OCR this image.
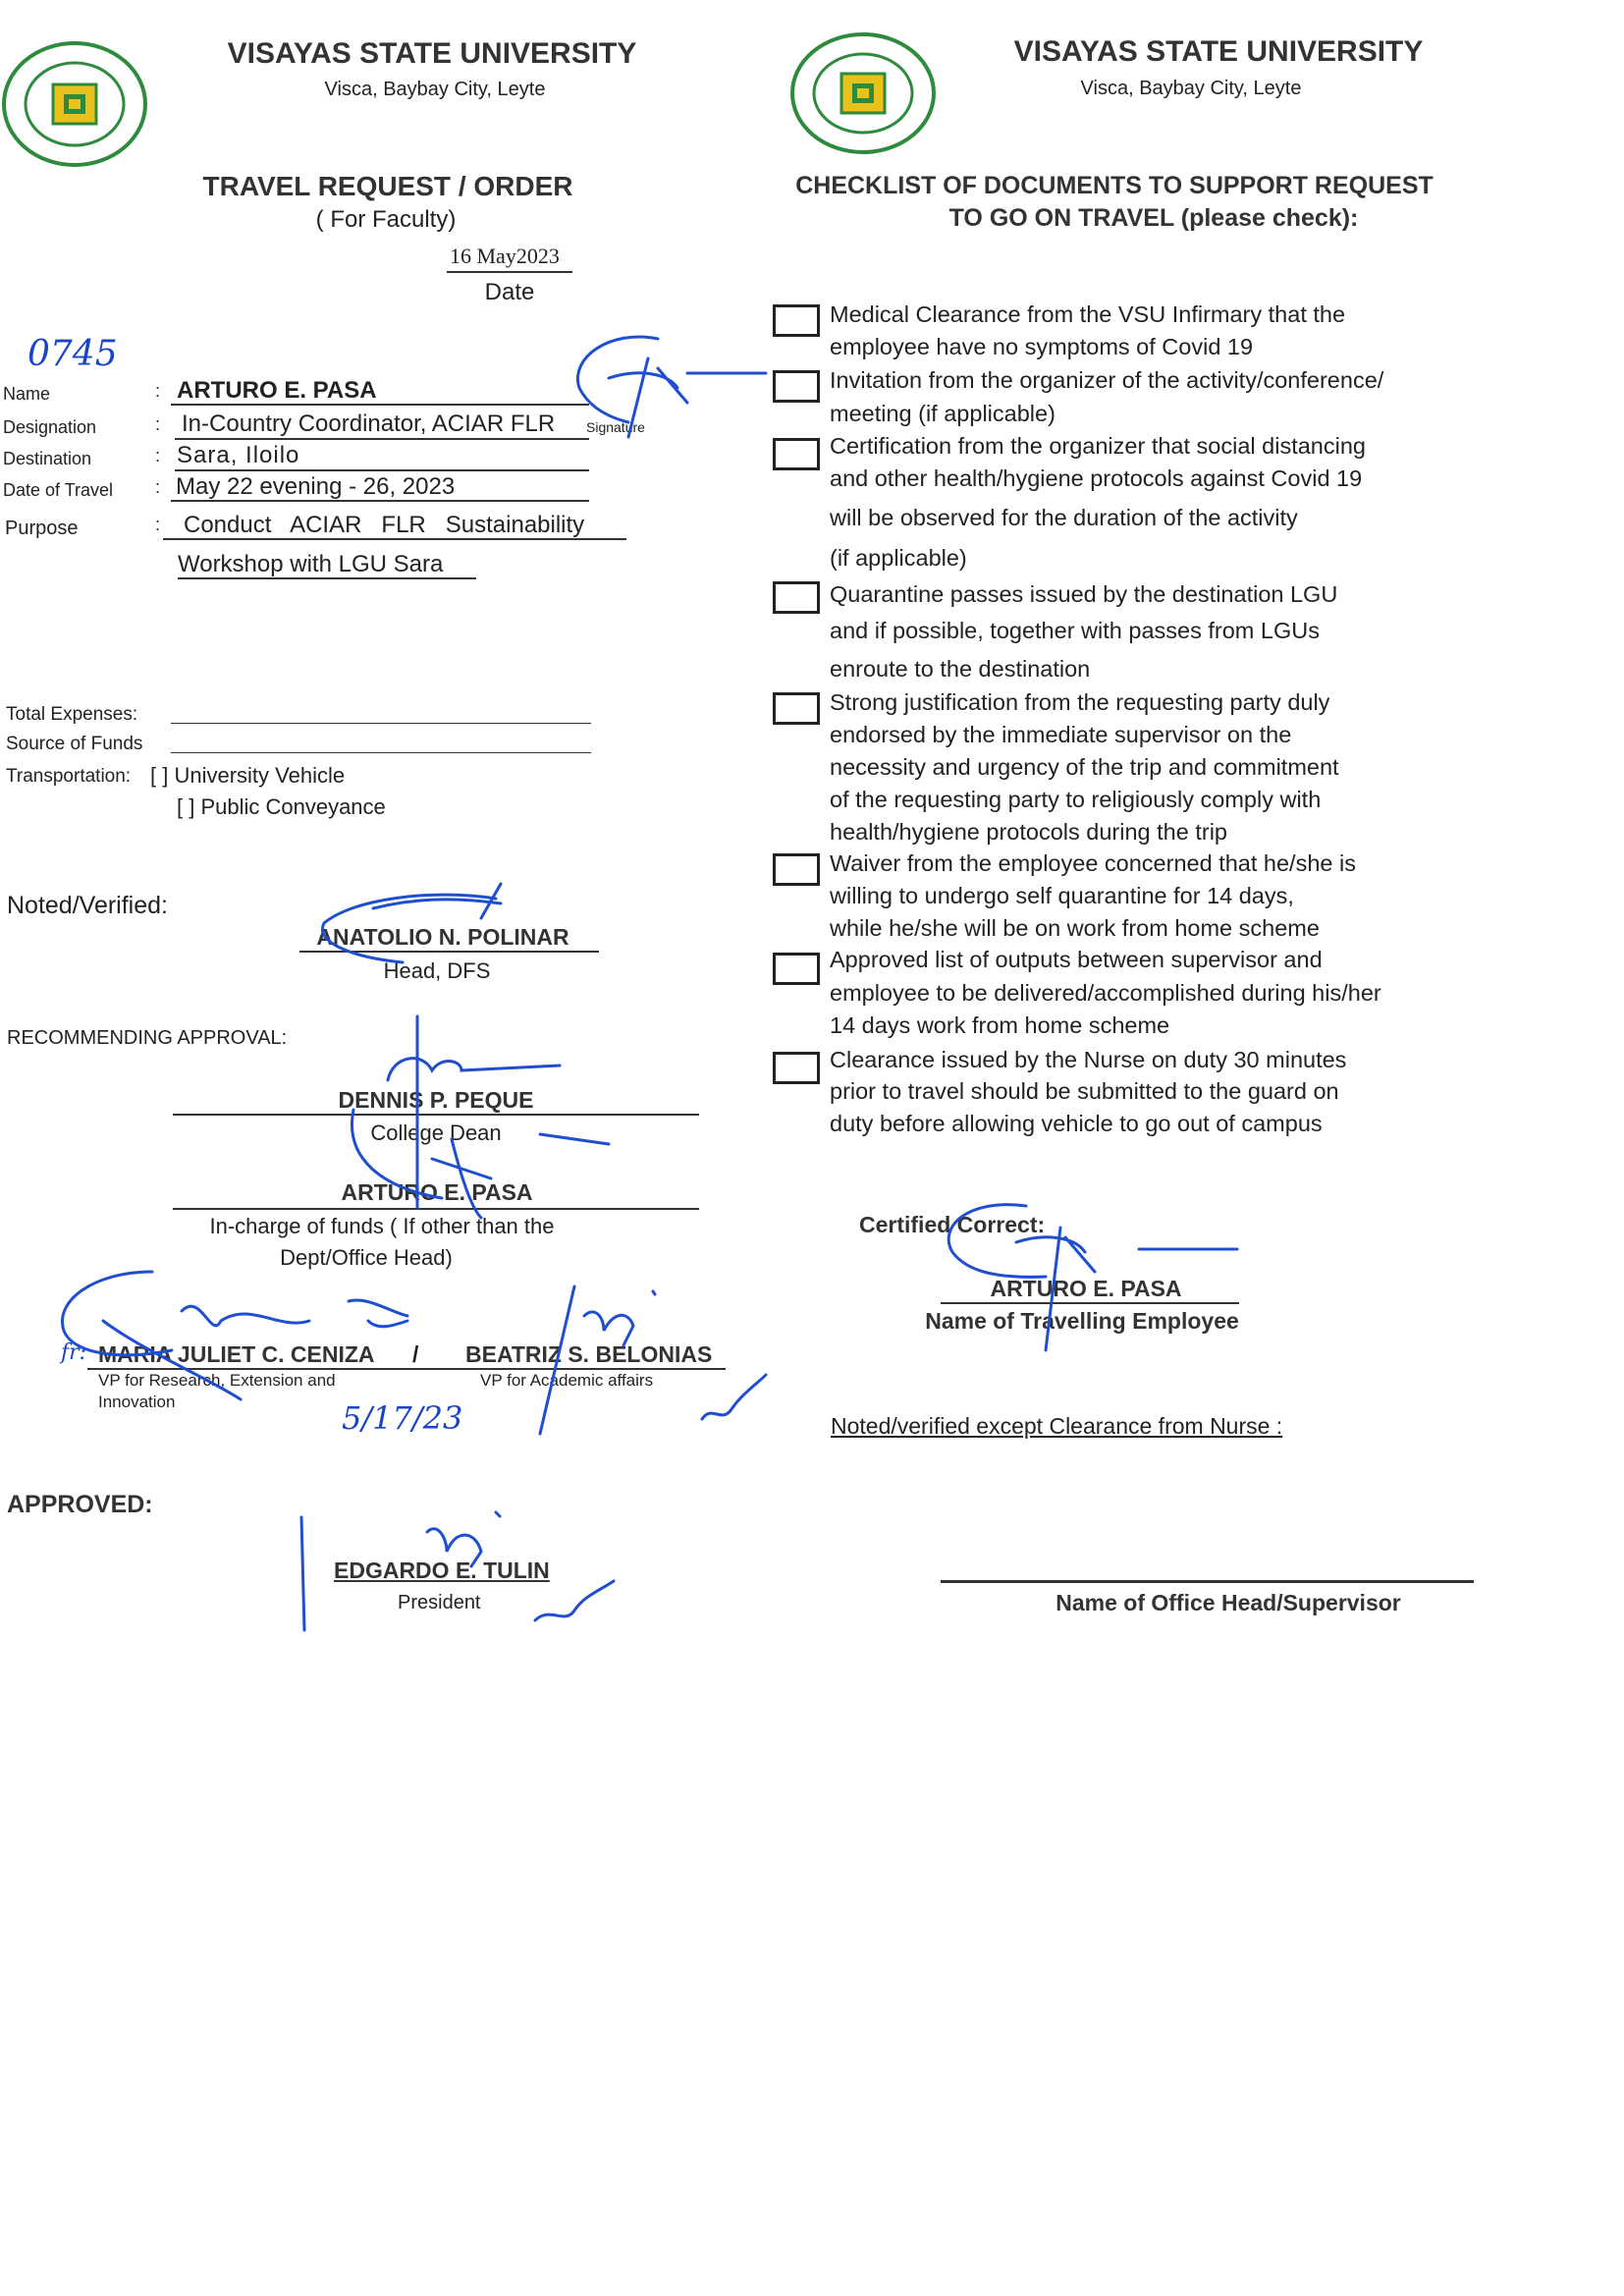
VISAYAS STATE UNIVERSITY
Visca, Baybay City, Leyte
VISAYAS STATE UNIVERSITY
Visca, Baybay City, Leyte
TRAVEL REQUEST / ORDER
( For Faculty)
16 May2023
Date
CHECKLIST OF DOCUMENTS TO SUPPORT REQUEST
TO GO ON TRAVEL (please check):
0745
Name	: ARTURO E. PASA
Designation	: In-Country Coordinator, ACIAR FLR Signature
Destination	: Sara, Iloilo
Date of Travel : May 22 evening - 26, 2023
Purpose	: Conduct   ACIAR   FLR   Sustainability
Workshop with LGU Sara
Total Expenses:
Source of Funds
Transportation: [ ] University Vehicle
[ ] Public Conveyance
Noted/Verified:
ANATOLIO N. POLINAR
Head, DFS
RECOMMENDING APPROVAL:
DENNIS P. PEQUE
College Dean
ARTURO E. PASA
In-charge of funds ( If other than the
Dept/Office Head)
fr: MARIA JULIET C. CENIZA / BEATRIZ S. BELONIAS
VP for Research, Extension and
Innovation
VP for Academic affairs
5/17/23
APPROVED:
EDGARDO E. TULIN
President
Medical Clearance from the VSU Infirmary that the
employee have no symptoms of Covid 19
Invitation from the organizer of the activity/conference/
meeting (if applicable)
Certification from the organizer that social distancing
and other health/hygiene protocols against Covid 19
will be observed for the duration of the activity
(if applicable)
Quarantine passes issued by the destination LGU
and if possible, together with passes from LGUs
enroute to the destination
Strong justification from the requesting party duly
endorsed by the immediate supervisor on the
necessity and urgency of the trip and commitment
of the requesting party to religiously comply with
health/hygiene protocols during the trip
Waiver from the employee concerned that he/she is
willing to undergo self quarantine for 14 days,
while he/she will be on work from home scheme
Approved list of outputs between supervisor and
employee to be delivered/accomplished during his/her
14 days work from home scheme
Clearance issued by the Nurse on duty 30 minutes
prior to travel should be submitted to the guard on
duty before allowing vehicle to go out of campus
Certified Correct:
ARTURO E. PASA
Name of Travelling Employee
Noted/verified except Clearance from Nurse :
Name of Office Head/Supervisor
